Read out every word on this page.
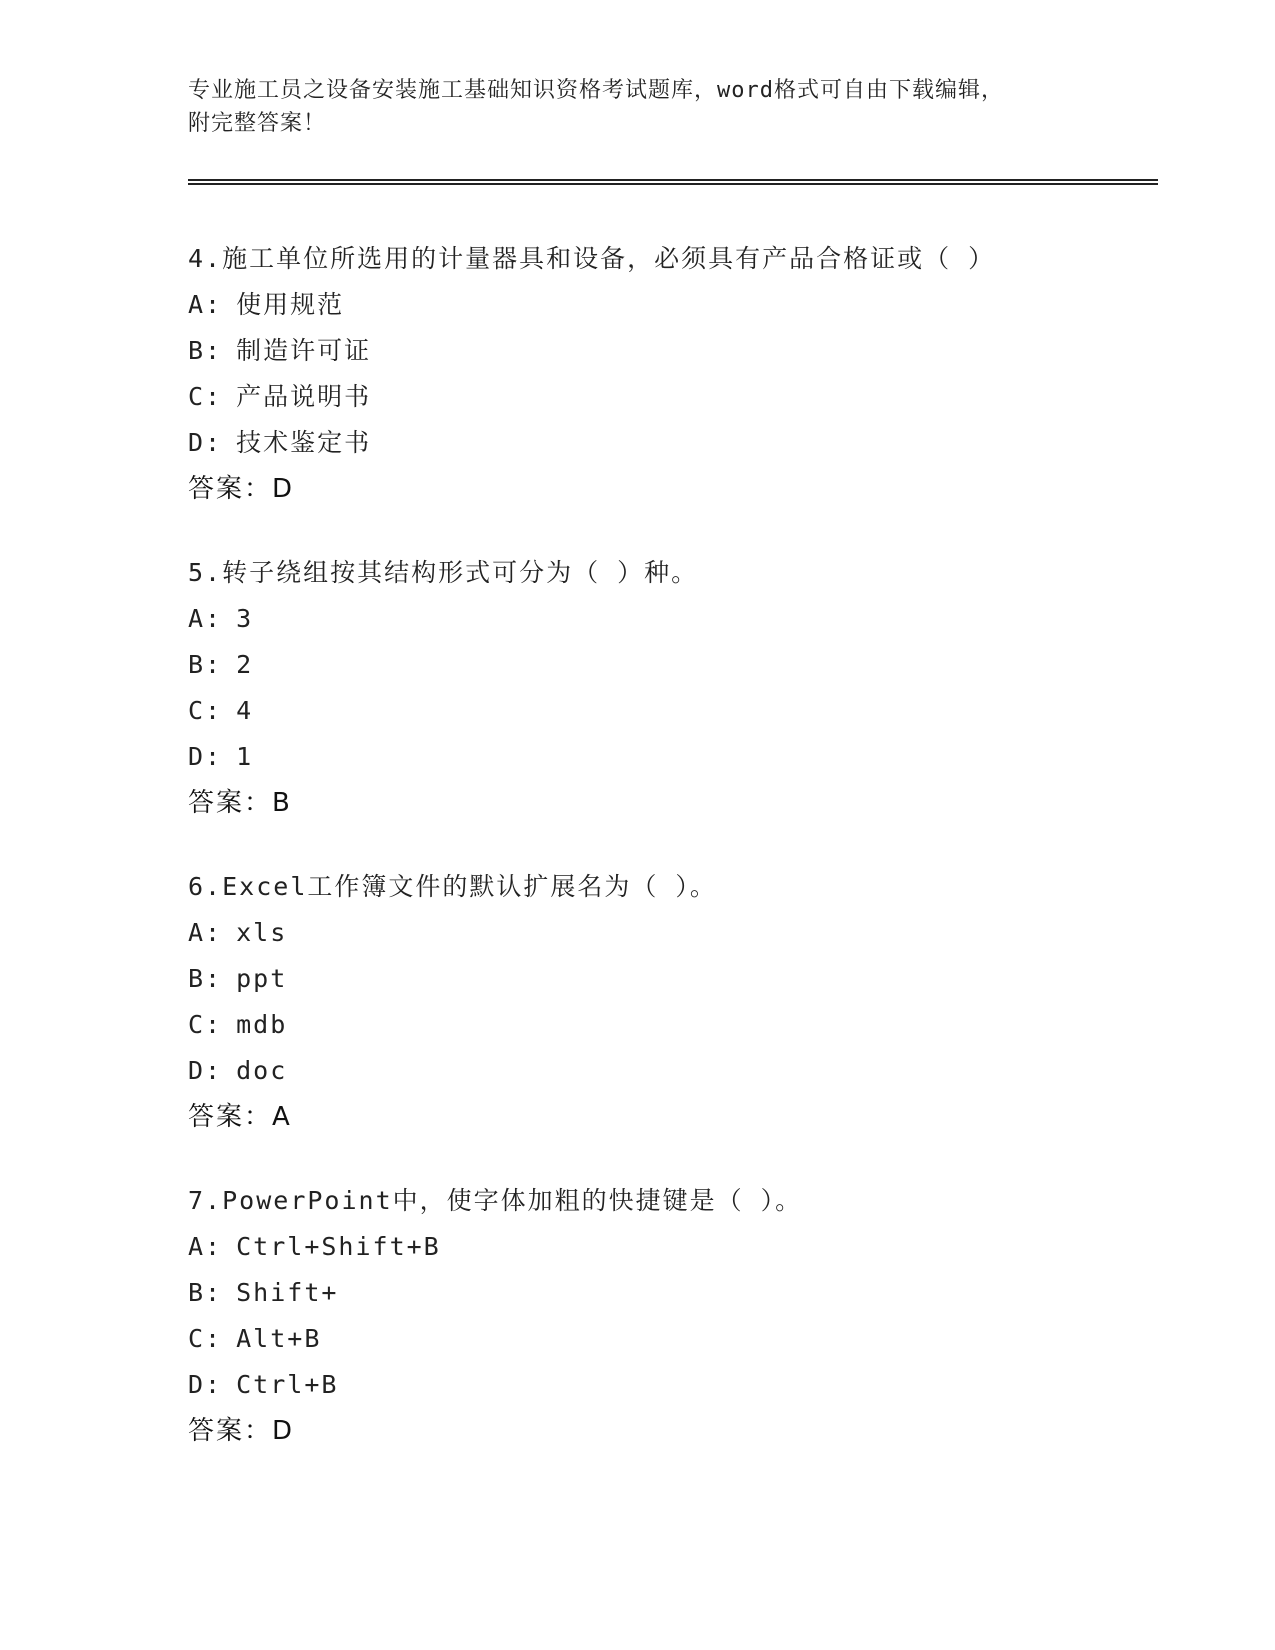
专业施工员之设备安装施工基础知识资格考试题库，word格式可自由下载编辑，
附完整答案！
4.施工单位所选用的计量器具和设备，必须具有产品合格证或（ ）
A: 使用规范
B: 制造许可证
C: 产品说明书
D: 技术鉴定书
答案：D
5.转子绕组按其结构形式可分为（ ）种。
A: 3
B: 2
C: 4
D: 1
答案：B
6.Excel工作簿文件的默认扩展名为（ ）。
A: xls
B: ppt
C: mdb
D: doc
答案：A
7.PowerPoint中，使字体加粗的快捷键是（ ）。
A: Ctrl+Shift+B
B: Shift+
C: Alt+B
D: Ctrl+B
答案：D
